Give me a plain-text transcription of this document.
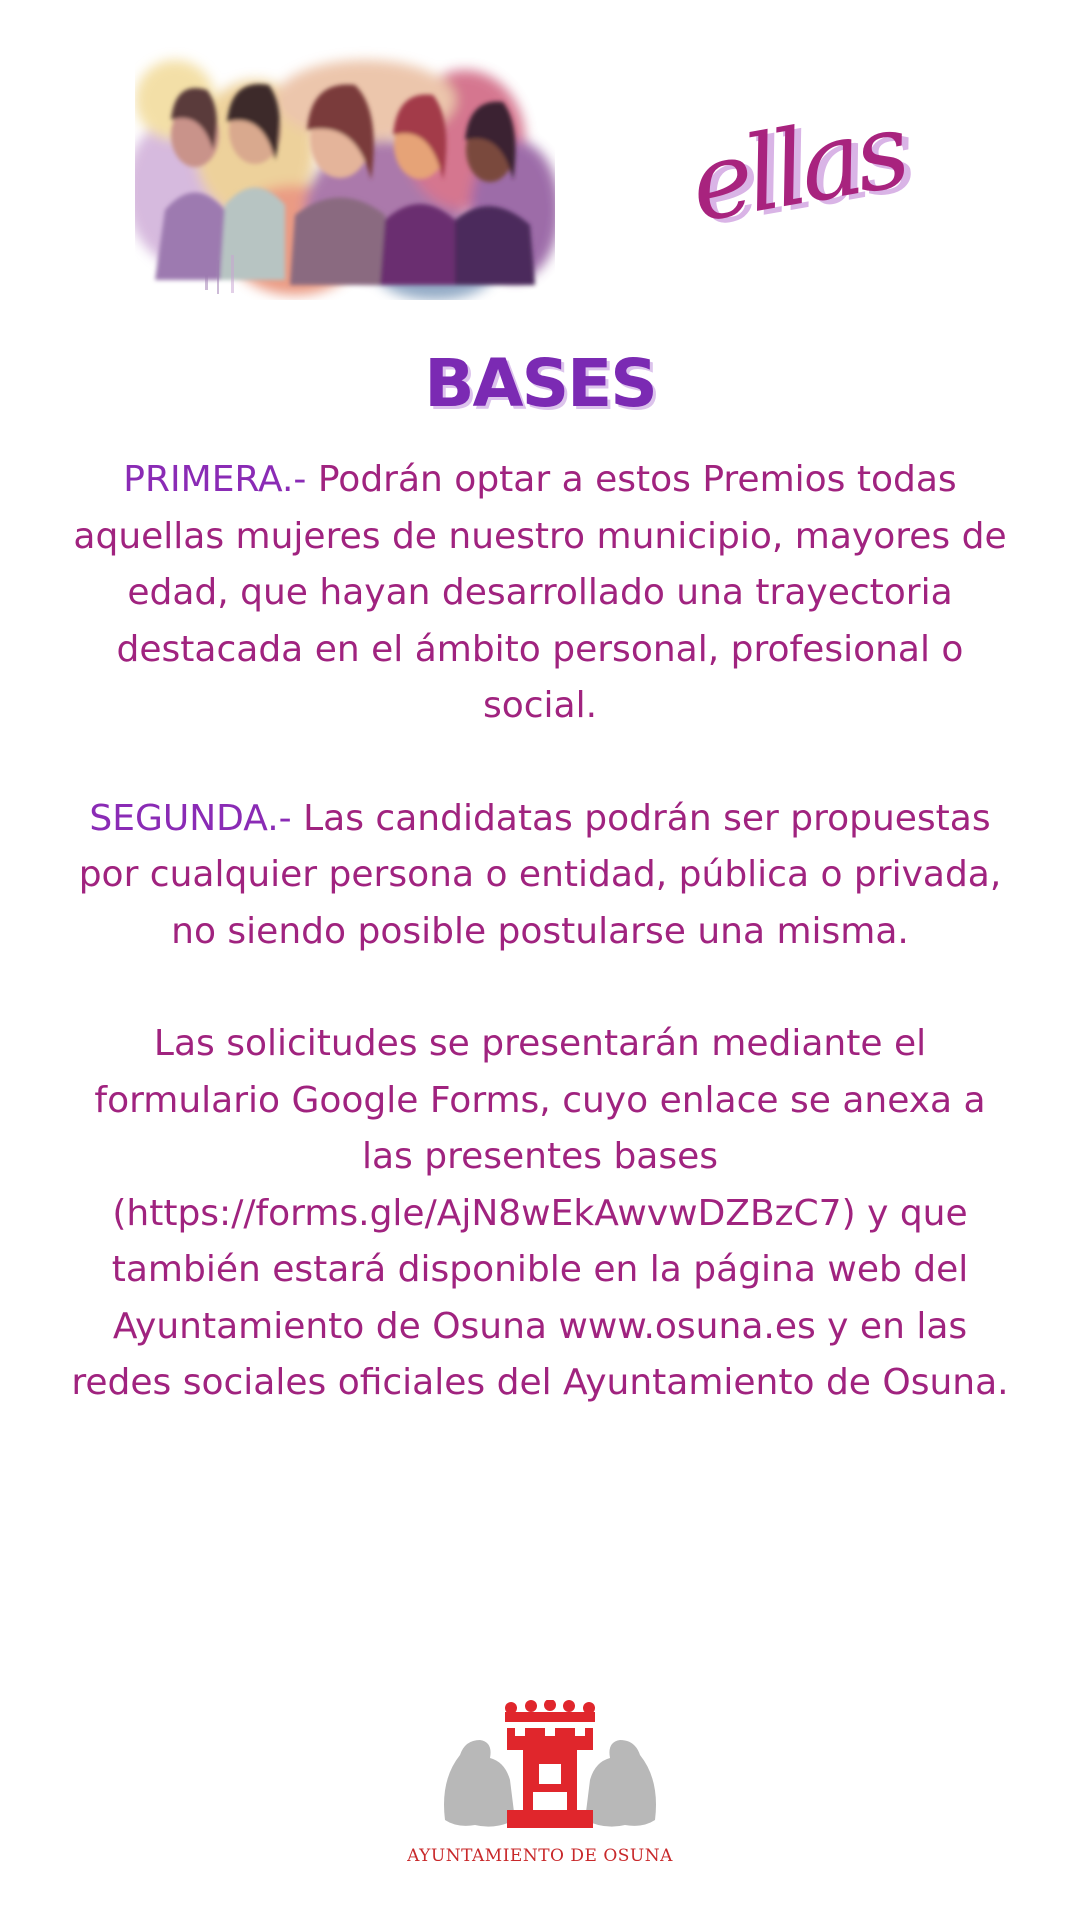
ellas
BASES

PRIMERA.- Podrán optar a estos Premios todas aquellas mujeres de nuestro municipio, mayores de edad, que hayan desarrollado una trayectoria destacada en el ámbito personal, profesional o social.

SEGUNDA.- Las candidatas podrán ser propuestas por cualquier persona o entidad, pública o privada, no siendo posible postularse una misma.

Las solicitudes se presentarán mediante el formulario Google Forms, cuyo enlace se anexa a las presentes bases (https://forms.gle/AjN8wEkAwvwDZBzC7) y que también estará disponible en la página web del Ayuntamiento de Osuna www.osuna.es y en las redes sociales oficiales del Ayuntamiento de Osuna.

AYUNTAMIENTO DE OSUNA
